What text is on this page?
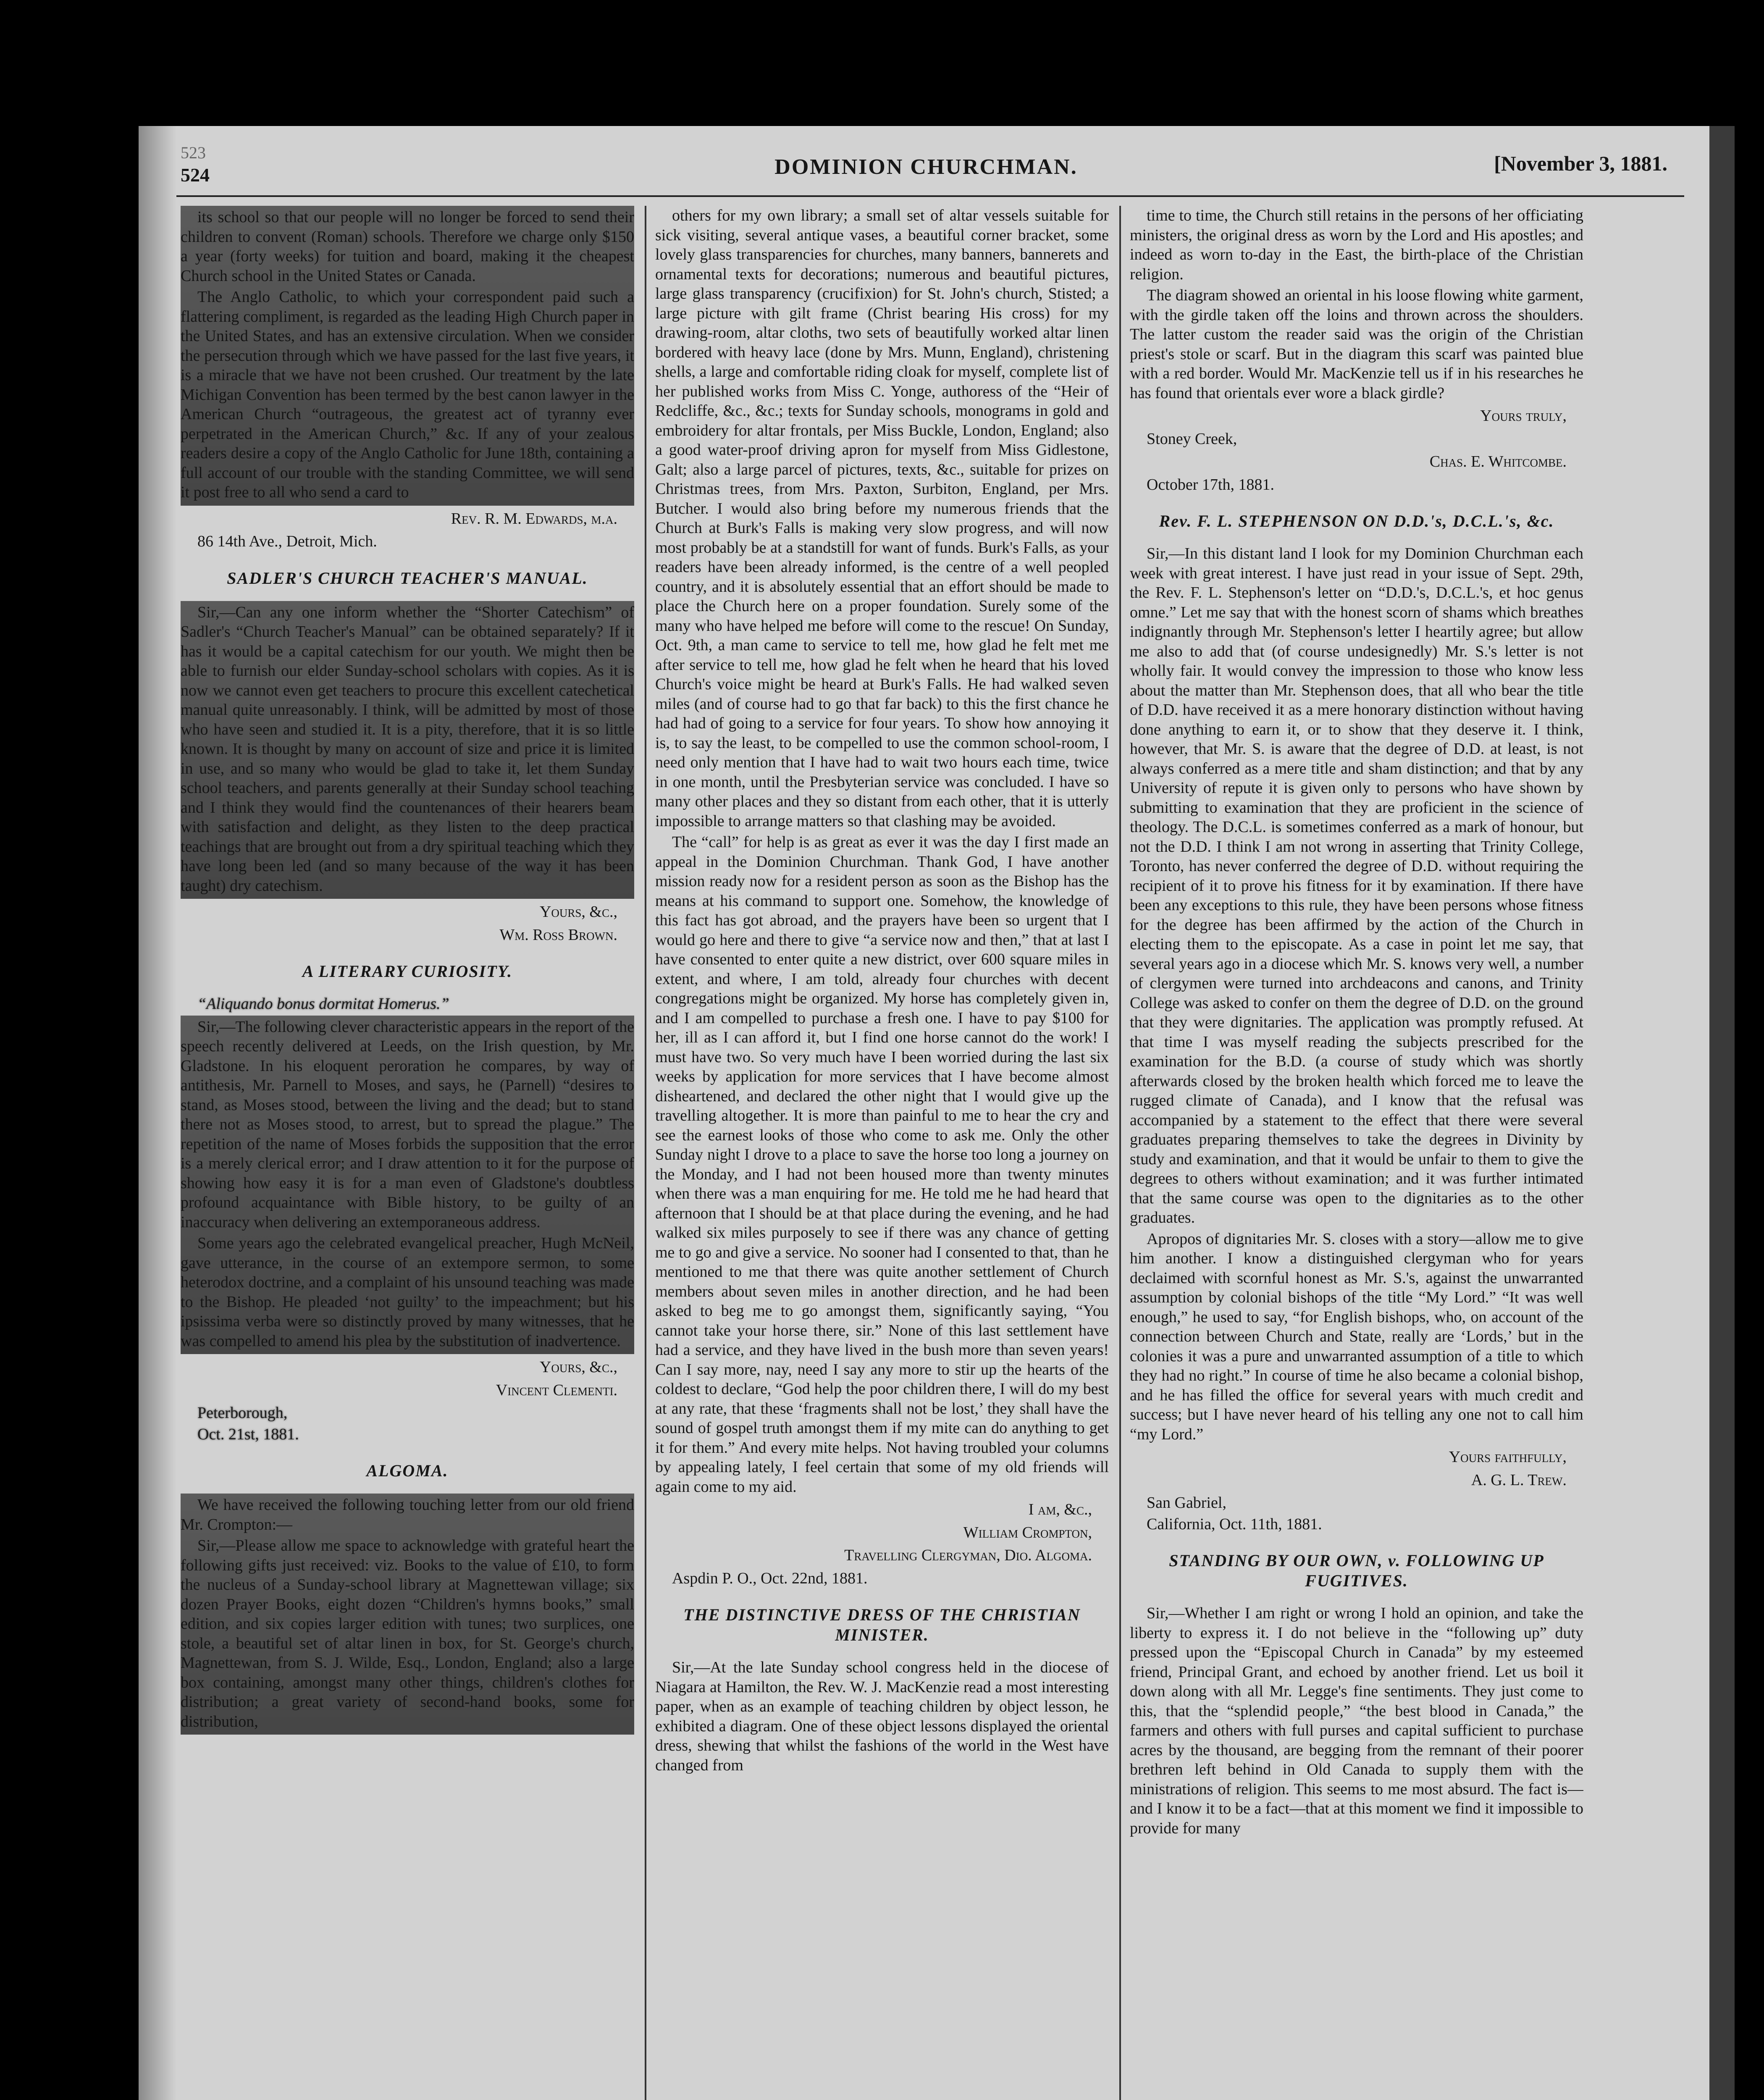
523
524	DOMINION CHURCHMAN.	[November 3, 1881.

its school so that our people will no longer be forced to send their children to convent (Roman) schools. Therefore we charge only $150 a year (forty weeks) for tuition and board, making it the cheapest Church school in the United States or Canada.

The Anglo Catholic, to which your correspondent paid such a flattering compliment, is regarded as the leading High Church paper in the United States, and has an extensive circulation. When we consider the persecution through which we have passed for the last five years, it is a miracle that we have not been crushed. Our treatment by the late Michigan Convention has been termed by the best canon lawyer in the American Church “outrageous, the greatest act of tyranny ever perpetrated in the American Church,” &c. If any of your zealous readers desire a copy of the Anglo Catholic for June 18th, containing a full account of our trouble with the standing Committee, we will send it post free to all who send a card to

Rev. R. M. Edwards, m.a.

86 14th Ave., Detroit, Mich.

SADLER'S CHURCH TEACHER'S MANUAL.

Sir,—Can any one inform whether the “Shorter Catechism” of Sadler's “Church Teacher's Manual” can be obtained separately? If it has it would be a capital catechism for our youth. We might then be able to furnish our elder Sunday-school scholars with copies. As it is now we cannot even get teachers to procure this excellent catechetical manual quite unreasonably. I think, will be admitted by most of those who have seen and studied it. It is a pity, therefore, that it is so little known. It is thought by many on account of size and price it is limited in use, and so many who would be glad to take it, let them Sunday school teachers, and parents generally at their Sunday school teaching and I think they would find the countenances of their hearers beam with satisfaction and delight, as they listen to the deep practical teachings that are brought out from a dry spiritual teaching which they have long been led (and so many because of the way it has been taught) dry catechism.

Yours, &c.,
Wm. Ross Brown.
A LITERARY CURIOSITY.

“Aliquando bonus dormitat Homerus.”

Sir,—The following clever characteristic appears in the report of the speech recently delivered at Leeds, on the Irish question, by Mr. Gladstone. In his eloquent peroration he compares, by way of antithesis, Mr. Parnell to Moses, and says, he (Parnell) “desires to stand, as Moses stood, between the living and the dead; but to stand there not as Moses stood, to arrest, but to spread the plague.” The repetition of the name of Moses forbids the supposition that the error is a merely clerical error; and I draw attention to it for the purpose of showing how easy it is for a man even of Gladstone's doubtless profound acquaintance with Bible history, to be guilty of an inaccuracy when delivering an extemporaneous address.

Some years ago the celebrated evangelical preacher, Hugh McNeil, gave utterance, in the course of an extempore sermon, to some heterodox doctrine, and a complaint of his unsound teaching was made to the Bishop. He pleaded ‘not guilty’ to the impeachment; but his ipsissima verba were so distinctly proved by many witnesses, that he was compelled to amend his plea by the substitution of inadvertence.

Yours, &c.,
Vincent Clementi.

Peterborough,

Oct. 21st, 1881.

ALGOMA.

We have received the following touching letter from our old friend Mr. Crompton:—

Sir,—Please allow me space to acknowledge with grateful heart the following gifts just received: viz. Books to the value of £10, to form the nucleus of a Sunday-school library at Magnettewan village; six dozen Prayer Books, eight dozen “Children's hymns books,” small edition, and six copies larger edition with tunes; two surplices, one stole, a beautiful set of altar linen in box, for St. George's church, Magnettewan, from S. J. Wilde, Esq., London, England; also a large box containing, amongst many other things, children's clothes for distribution; a great variety of second-hand books, some for distribution,

others for my own library; a small set of altar vessels suitable for sick visiting, several antique vases, a beautiful corner bracket, some lovely glass transparencies for churches, many banners, bannerets and ornamental texts for decorations; numerous and beautiful pictures, large glass transparency (crucifixion) for St. John's church, Stisted; a large picture with gilt frame (Christ bearing His cross) for my drawing-room, altar cloths, two sets of beautifully worked altar linen bordered with heavy lace (done by Mrs. Munn, England), christening shells, a large and comfortable riding cloak for myself, complete list of her published works from Miss C. Yonge, authoress of the “Heir of Redcliffe, &c., &c.; texts for Sunday schools, monograms in gold and embroidery for altar frontals, per Miss Buckle, London, England; also a good water-proof driving apron for myself from Miss Gidlestone, Galt; also a large parcel of pictures, texts, &c., suitable for prizes on Christmas trees, from Mrs. Paxton, Surbiton, England, per Mrs. Butcher. I would also bring before my numerous friends that the Church at Burk's Falls is making very slow progress, and will now most probably be at a standstill for want of funds. Burk's Falls, as your readers have been already informed, is the centre of a well peopled country, and it is absolutely essential that an effort should be made to place the Church here on a proper foundation. Surely some of the many who have helped me before will come to the rescue! On Sunday, Oct. 9th, a man came to service to tell me, how glad he felt met me after service to tell me, how glad he felt when he heard that his loved Church's voice might be heard at Burk's Falls. He had walked seven miles (and of course had to go that far back) to this the first chance he had had of going to a service for four years. To show how annoying it is, to say the least, to be compelled to use the common school-room, I need only mention that I have had to wait two hours each time, twice in one month, until the Presbyterian service was concluded. I have so many other places and they so distant from each other, that it is utterly impossible to arrange matters so that clashing may be avoided.

The “call” for help is as great as ever it was the day I first made an appeal in the Dominion Churchman. Thank God, I have another mission ready now for a resident person as soon as the Bishop has the means at his command to support one. Somehow, the knowledge of this fact has got abroad, and the prayers have been so urgent that I would go here and there to give “a service now and then,” that at last I have consented to enter quite a new district, over 600 square miles in extent, and where, I am told, already four churches with decent congregations might be organized. My horse has completely given in, and I am compelled to purchase a fresh one. I have to pay $100 for her, ill as I can afford it, but I find one horse cannot do the work! I must have two. So very much have I been worried during the last six weeks by application for more services that I have become almost disheartened, and declared the other night that I would give up the travelling altogether. It is more than painful to me to hear the cry and see the earnest looks of those who come to ask me. Only the other Sunday night I drove to a place to save the horse too long a journey on the Monday, and I had not been housed more than twenty minutes when there was a man enquiring for me. He told me he had heard that afternoon that I should be at that place during the evening, and he had walked six miles purposely to see if there was any chance of getting me to go and give a service. No sooner had I consented to that, than he mentioned to me that there was quite another settlement of Church members about seven miles in another direction, and he had been asked to beg me to go amongst them, significantly saying, “You cannot take your horse there, sir.” None of this last settlement have had a service, and they have lived in the bush more than seven years! Can I say more, nay, need I say any more to stir up the hearts of the coldest to declare, “God help the poor children there, I will do my best at any rate, that these ‘fragments shall not be lost,’ they shall have the sound of gospel truth amongst them if my mite can do anything to get it for them.” And every mite helps. Not having troubled your columns by appealing lately, I feel certain that some of my old friends will again come to my aid.

I am, &c.,
William Crompton,
Travelling Clergyman, Dio. Algoma.

Aspdin P. O., Oct. 22nd, 1881.

THE DISTINCTIVE DRESS OF THE CHRISTIAN MINISTER.

Sir,—At the late Sunday school congress held in the diocese of Niagara at Hamilton, the Rev. W. J. MacKenzie read a most interesting paper, when as an example of teaching children by object lesson, he exhibited a diagram. One of these object lessons displayed the oriental dress, shewing that whilst the fashions of the world in the West have changed from

time to time, the Church still retains in the persons of her officiating ministers, the original dress as worn by the Lord and His apostles; and indeed as worn to-day in the East, the birth-place of the Christian religion.

The diagram showed an oriental in his loose flowing white garment, with the girdle taken off the loins and thrown across the shoulders. The latter custom the reader said was the origin of the Christian priest's stole or scarf. But in the diagram this scarf was painted blue with a red border. Would Mr. MacKenzie tell us if in his researches he has found that orientals ever wore a black girdle?

Yours truly,

Stoney Creek,

Chas. E. Whitcombe.

October 17th, 1881.

Rev. F. L. STEPHENSON ON D.D.'s, D.C.L.'s, &c.

Sir,—In this distant land I look for my Dominion Churchman each week with great interest. I have just read in your issue of Sept. 29th, the Rev. F. L. Stephenson's letter on “D.D.'s, D.C.L.'s, et hoc genus omne.” Let me say that with the honest scorn of shams which breathes indignantly through Mr. Stephenson's letter I heartily agree; but allow me also to add that (of course undesignedly) Mr. S.'s letter is not wholly fair. It would convey the impression to those who know less about the matter than Mr. Stephenson does, that all who bear the title of D.D. have received it as a mere honorary distinction without having done anything to earn it, or to show that they deserve it. I think, however, that Mr. S. is aware that the degree of D.D. at least, is not always conferred as a mere title and sham distinction; and that by any University of repute it is given only to persons who have shown by submitting to examination that they are proficient in the science of theology. The D.C.L. is sometimes conferred as a mark of honour, but not the D.D. I think I am not wrong in asserting that Trinity College, Toronto, has never conferred the degree of D.D. without requiring the recipient of it to prove his fitness for it by examination. If there have been any exceptions to this rule, they have been persons whose fitness for the degree has been affirmed by the action of the Church in electing them to the episcopate. As a case in point let me say, that several years ago in a diocese which Mr. S. knows very well, a number of clergymen were turned into archdeacons and canons, and Trinity College was asked to confer on them the degree of D.D. on the ground that they were dignitaries. The application was promptly refused. At that time I was myself reading the subjects prescribed for the examination for the B.D. (a course of study which was shortly afterwards closed by the broken health which forced me to leave the rugged climate of Canada), and I know that the refusal was accompanied by a statement to the effect that there were several graduates preparing themselves to take the degrees in Divinity by study and examination, and that it would be unfair to them to give the degrees to others without examination; and it was further intimated that the same course was open to the dignitaries as to the other graduates.

Apropos of dignitaries Mr. S. closes with a story—allow me to give him another. I know a distinguished clergyman who for years declaimed with scornful honest as Mr. S.'s, against the unwarranted assumption by colonial bishops of the title “My Lord.” “It was well enough,” he used to say, “for English bishops, who, on account of the connection between Church and State, really are ‘Lords,’ but in the colonies it was a pure and unwarranted assumption of a title to which they had no right.” In course of time he also became a colonial bishop, and he has filled the office for several years with much credit and success; but I have never heard of his telling any one not to call him “my Lord.”

Yours faithfully,
A. G. L. Trew.

San Gabriel,

California, Oct. 11th, 1881.

STANDING BY OUR OWN, v. FOLLOWING UP FUGITIVES.

Sir,—Whether I am right or wrong I hold an opinion, and take the liberty to express it. I do not believe in the “following up” duty pressed upon the “Episcopal Church in Canada” by my esteemed friend, Principal Grant, and echoed by another friend. Let us boil it down along with all Mr. Legge's fine sentiments. They just come to this, that the “splendid people,” “the best blood in Canada,” the farmers and others with full purses and capital sufficient to purchase acres by the thousand, are begging from the remnant of their poorer brethren left behind in Old Canada to supply them with the ministrations of religion. This seems to me most absurd. The fact is—and I know it to be a fact—that at this moment we find it impossible to provide for many
